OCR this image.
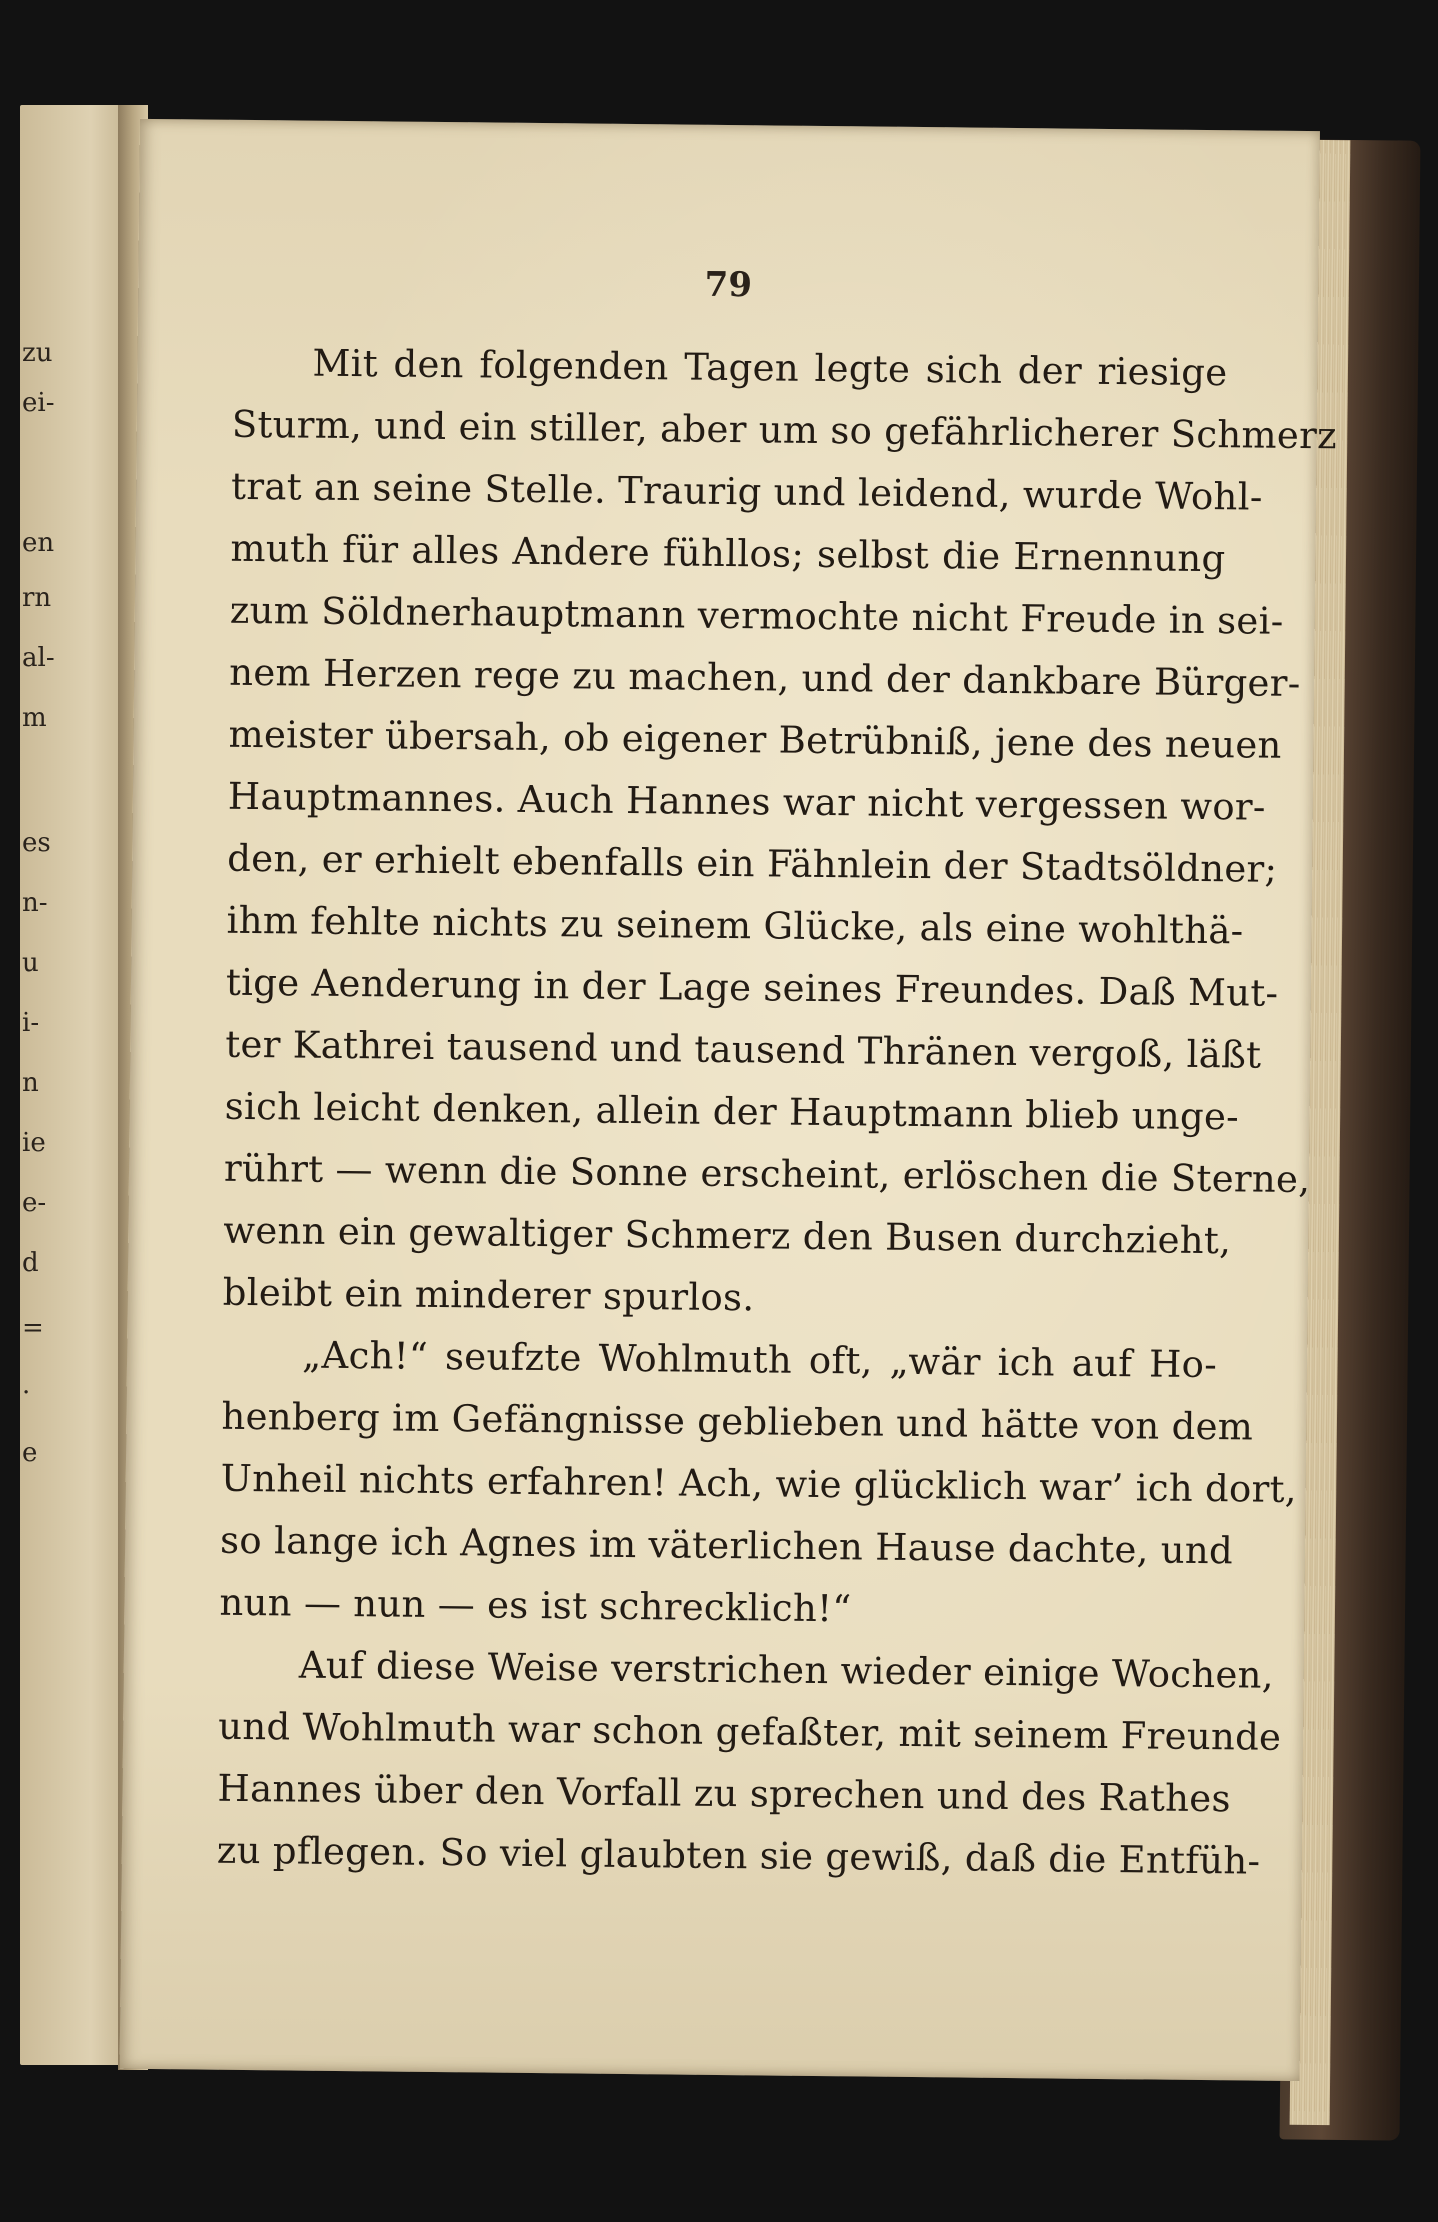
zu
ei-
en
rn
al-
m
es
n-
u
i-
n
ie
e-
d
=
·
e
79
Mit den folgenden Tagen legte sich der riesige
Sturm, und ein stiller, aber um so gefährlicherer Schmerz
trat an seine Stelle. Traurig und leidend, wurde Wohl-
muth für alles Andere fühllos; selbst die Ernennung
zum Söldnerhauptmann vermochte nicht Freude in sei-
nem Herzen rege zu machen, und der dankbare Bürger-
meister übersah, ob eigener Betrübniß, jene des neuen
Hauptmannes. Auch Hannes war nicht vergessen wor-
den, er erhielt ebenfalls ein Fähnlein der Stadtsöldner;
ihm fehlte nichts zu seinem Glücke, als eine wohlthä-
tige Aenderung in der Lage seines Freundes. Daß Mut-
ter Kathrei tausend und tausend Thränen vergoß, läßt
sich leicht denken, allein der Hauptmann blieb unge-
rührt — wenn die Sonne erscheint, erlöschen die Sterne,
wenn ein gewaltiger Schmerz den Busen durchzieht,
bleibt ein minderer spurlos.
„Ach!“ seufzte Wohlmuth oft, „wär ich auf Ho-
henberg im Gefängnisse geblieben und hätte von dem
Unheil nichts erfahren! Ach, wie glücklich war’ ich dort,
so lange ich Agnes im väterlichen Hause dachte, und
nun — nun — es ist schrecklich!“
Auf diese Weise verstrichen wieder einige Wochen,
und Wohlmuth war schon gefaßter, mit seinem Freunde
Hannes über den Vorfall zu sprechen und des Rathes
zu pflegen. So viel glaubten sie gewiß, daß die Entfüh-
